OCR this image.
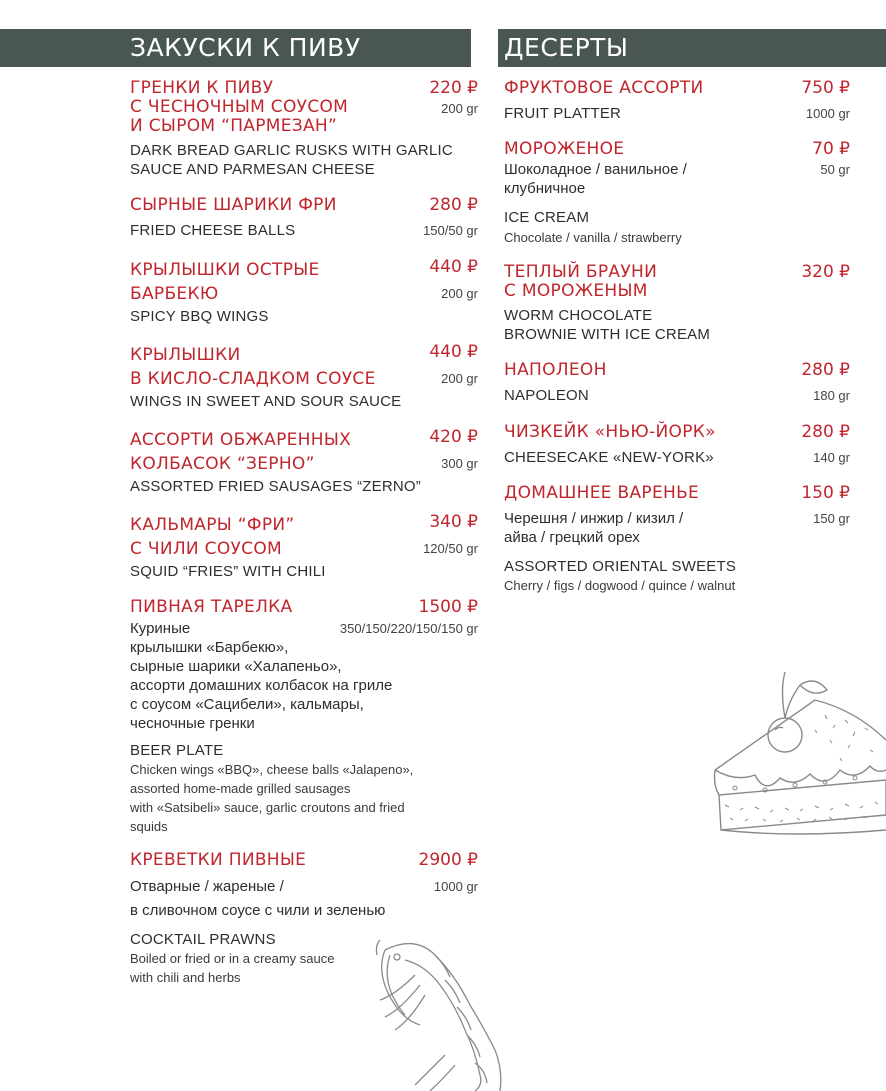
ЗАКУСКИ К ПИВУ	ДЕСЕРТЫ
ГРЕНКИ К ПИВУ
С ЧЕСНОЧНЫМ СОУСОМ
И СЫРОМ “ПАРМЕЗАН”
220 ₽
200 gr
DARK BREAD GARLIC RUSKS WITH GARLIC
SAUCE AND PARMESAN CHEESE
СЫРНЫЕ ШАРИКИ ФРИ	280 ₽
150/50 gr
FRIED CHEESE BALLS
КРЫЛЫШКИ ОСТРЫЕ
БАРБЕКЮ
440 ₽
200 gr
SPICY BBQ WINGS
КРЫЛЫШКИ
В КИСЛО-СЛАДКОМ СОУСЕ
440 ₽
200 gr
WINGS IN SWEET AND SOUR SAUCE
АССОРТИ ОБЖАРЕННЫХ
КОЛБАСОК “ЗЕРНО”
420 ₽
300 gr
ASSORTED FRIED SAUSAGES “ZERNO”
КАЛЬМАРЫ “ФРИ”
С ЧИЛИ СОУСОМ
340 ₽
120/50 gr
SQUID “FRIES” WITH CHILI
ПИВНАЯ ТАРЕЛКА	1500 ₽
350/150/220/150/150 gr
Куриные
крылышки «Барбекю»,
сырные шарики «Халапеньо»,
ассорти домашних колбасок на гриле
с соусом «Сацибели», кальмары,
чесночные гренки
BEER PLATE
Chicken wings «BBQ», cheese balls «Jalapeno»,
assorted home-made grilled sausages
with «Satsibeli» sauce, garlic croutons and fried
squids
КРЕВЕТКИ ПИВНЫЕ	2900 ₽
1000 gr
Отварные / жареные /
в сливочном соусе с чили и зеленью
COCKTAIL PRAWNS
Boiled or fried or in a creamy sauce
with chili and herbs
ФРУКТОВОЕ АССОРТИ	750 ₽
1000 gr
FRUIT PLATTER
МОРОЖЕНОЕ	70 ₽
50 gr
Шоколадное / ванильное /
клубничное
ICE CREAM
Chocolate / vanilla / strawberry
ТЕПЛЫЙ БРАУНИ
С МОРОЖЕНЫМ
320 ₽
WORM CHOCOLATE
BROWNIE WITH ICE CREAM
НАПОЛЕОН	280 ₽
180 gr
NAPOLEON
ЧИЗКЕЙК «НЬЮ-ЙОРК»	280 ₽
140 gr
CHEESECAKE «NEW-YORK»
ДОМАШНЕЕ ВАРЕНЬЕ	150 ₽
150 gr
Черешня / инжир / кизил /
айва / грецкий орех
ASSORTED ORIENTAL SWEETS
Cherry / figs / dogwood / quince / walnut
